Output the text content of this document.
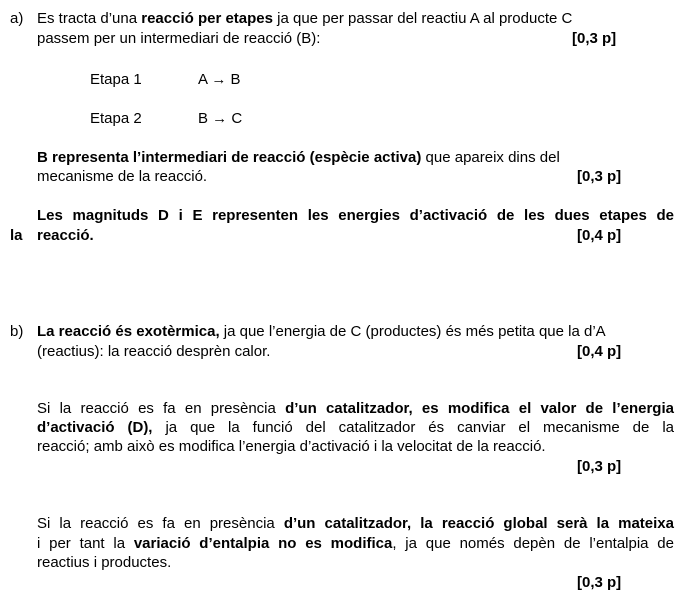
a) Es tracta d’una reacció per etapes ja que per passar del reactiu A al producte C
passem per un intermediari de reacció (B):	[0,3 p]
Etapa 1	A → B
Etapa 2	B → C
B representa l’intermediari de reacció (espècie activa) que apareix dins del
mecanisme de la reacció.	[0,3 p]
Les magnituds D i E representen les energies d’activació de les dues etapes de
la reacció.	[0,4 p]
b) La reacció és exotèrmica, ja que l’energia de C (productes) és més petita que la d’A
(reactius): la reacció desprèn calor.	[0,4 p]
Si la reacció es fa en presència d’un catalitzador, es modifica el valor de l’energia
d’activació (D), ja que la funció del catalitzador és canviar el mecanisme de la
reacció; amb això es modifica l’energia d’activació i la velocitat de la reacció.
[0,3 p]
Si la reacció es fa en presència d’un catalitzador, la reacció global serà la mateixa
i per tant la variació d’entalpia no es modifica, ja que només depèn de l’entalpia de
reactius i productes.
[0,3 p]
